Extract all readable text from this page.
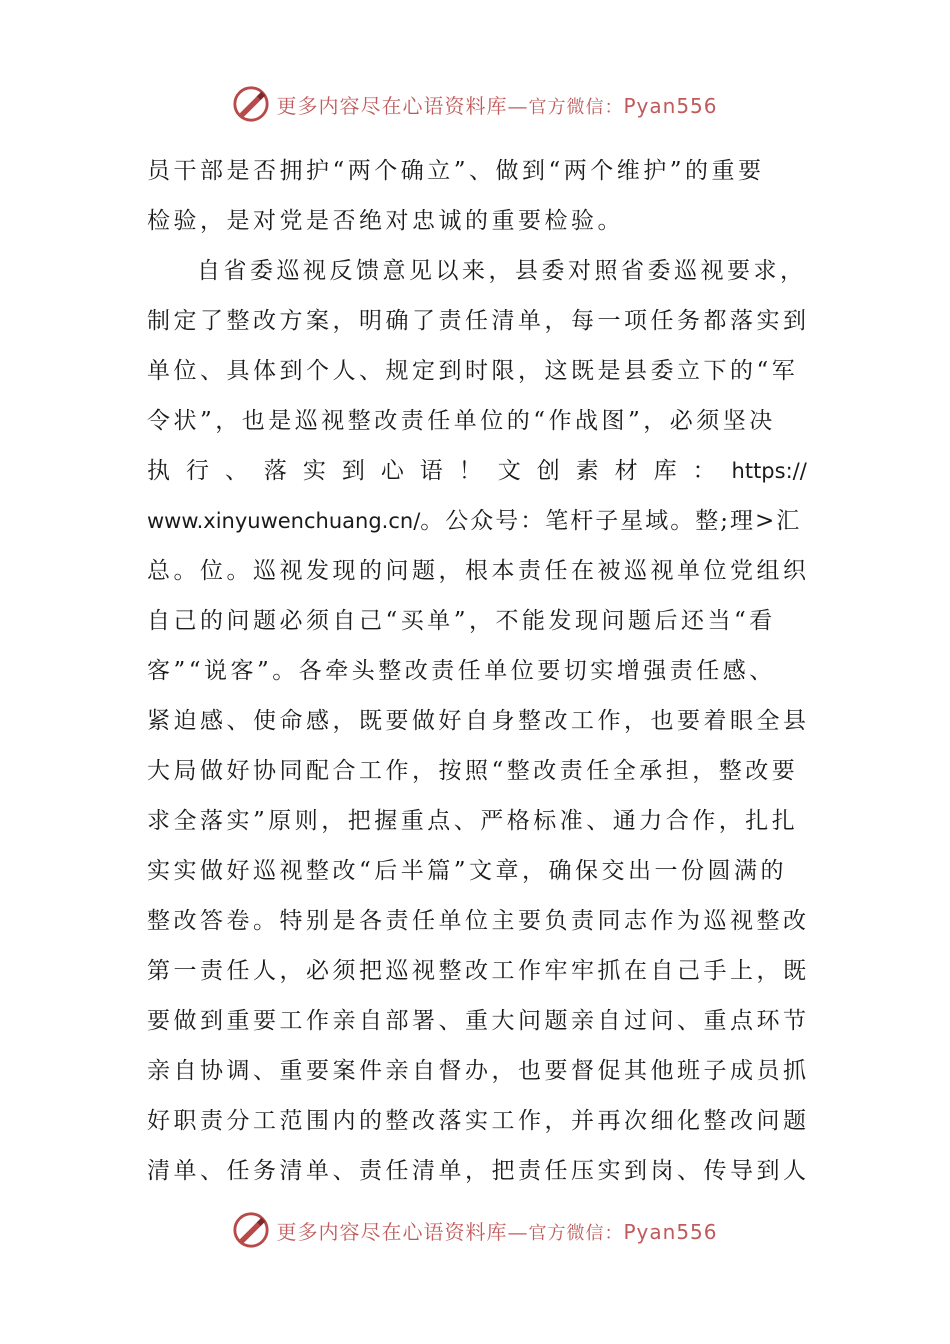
更多内容尽在心语资料库—官方微信：Pyan556
员干部是否拥护“两个确立”、做到“两个维护”的重要
检验，是对党是否绝对忠诚的重要检验。
自省委巡视反馈意见以来，县委对照省委巡视要求，
制定了整改方案，明确了责任清单，每一项任务都落实到
单位、具体到个人、规定到时限，这既是县委立下的“军
令状”，也是巡视整改责任单位的“作战图”，必须坚决
执 行 、 落 实 到 心 语 ！ 文 创 素 材 库 ： https://
www.xinyuwenchuang.cn/。公众号：笔杆子星域。整;理>汇
总。位。巡视发现的问题，根本责任在被巡视单位党组织
自己的问题必须自己“买单”，不能发现问题后还当“看
客”“说客”。各牵头整改责任单位要切实增强责任感、
紧迫感、使命感，既要做好自身整改工作，也要着眼全县
大局做好协同配合工作，按照“整改责任全承担，整改要
求全落实”原则，把握重点、严格标准、通力合作，扎扎
实实做好巡视整改“后半篇”文章，确保交出一份圆满的
整改答卷。特别是各责任单位主要负责同志作为巡视整改
第一责任人，必须把巡视整改工作牢牢抓在自己手上，既
要做到重要工作亲自部署、重大问题亲自过问、重点环节
亲自协调、重要案件亲自督办，也要督促其他班子成员抓
好职责分工范围内的整改落实工作，并再次细化整改问题
清单、任务清单、责任清单，把责任压实到岗、传导到人
更多内容尽在心语资料库—官方微信：Pyan556
